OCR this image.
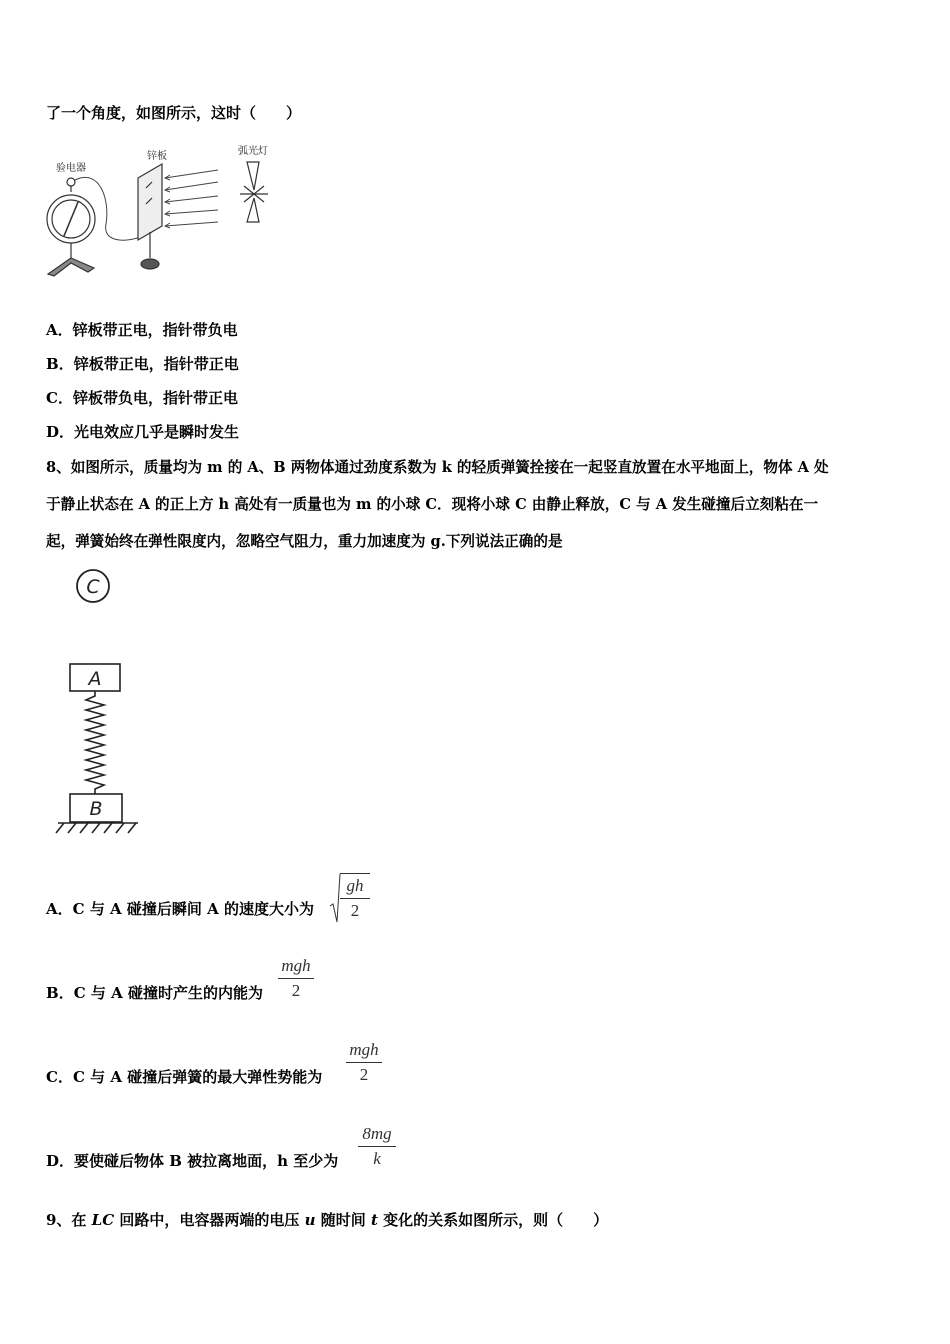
了一个角度，如图所示，这时（　　）
验电器
锌板	弧光灯
A．锌板带正电，指针带负电
B．锌板带正电，指针带正电
C．锌板带负电，指针带正电
D．光电效应几乎是瞬时发生
8、如图所示，质量均为 m 的 A、B 两物体通过劲度系数为 k 的轻质弹簧拴接在一起竖直放置在水平地面上，物体 A 处
于静止状态在 A 的正上方 h 高处有一质量也为 m 的小球 C．现将小球 C 由静止释放，C 与 A 发生碰撞后立刻粘在一
起，弹簧始终在弹性限度内，忽略空气阻力，重力加速度为 g.下列说法正确的是
C
A
B
A．C 与 A 碰撞后瞬间 A 的速度大小为 $\frac{gh}{2}$
B．C 与 A 碰撞时产生的内能为
mgh
2
C．C 与 A 碰撞后弹簧的最大弹性势能为
mgh
2
D．要使碰后物体 B 被拉离地面，h 至少为 $\frac{8mg}{k}$
9、在 LC 回路中，电容器两端的电压 u 随时间 t 变化的关系如图所示，则（　　）
